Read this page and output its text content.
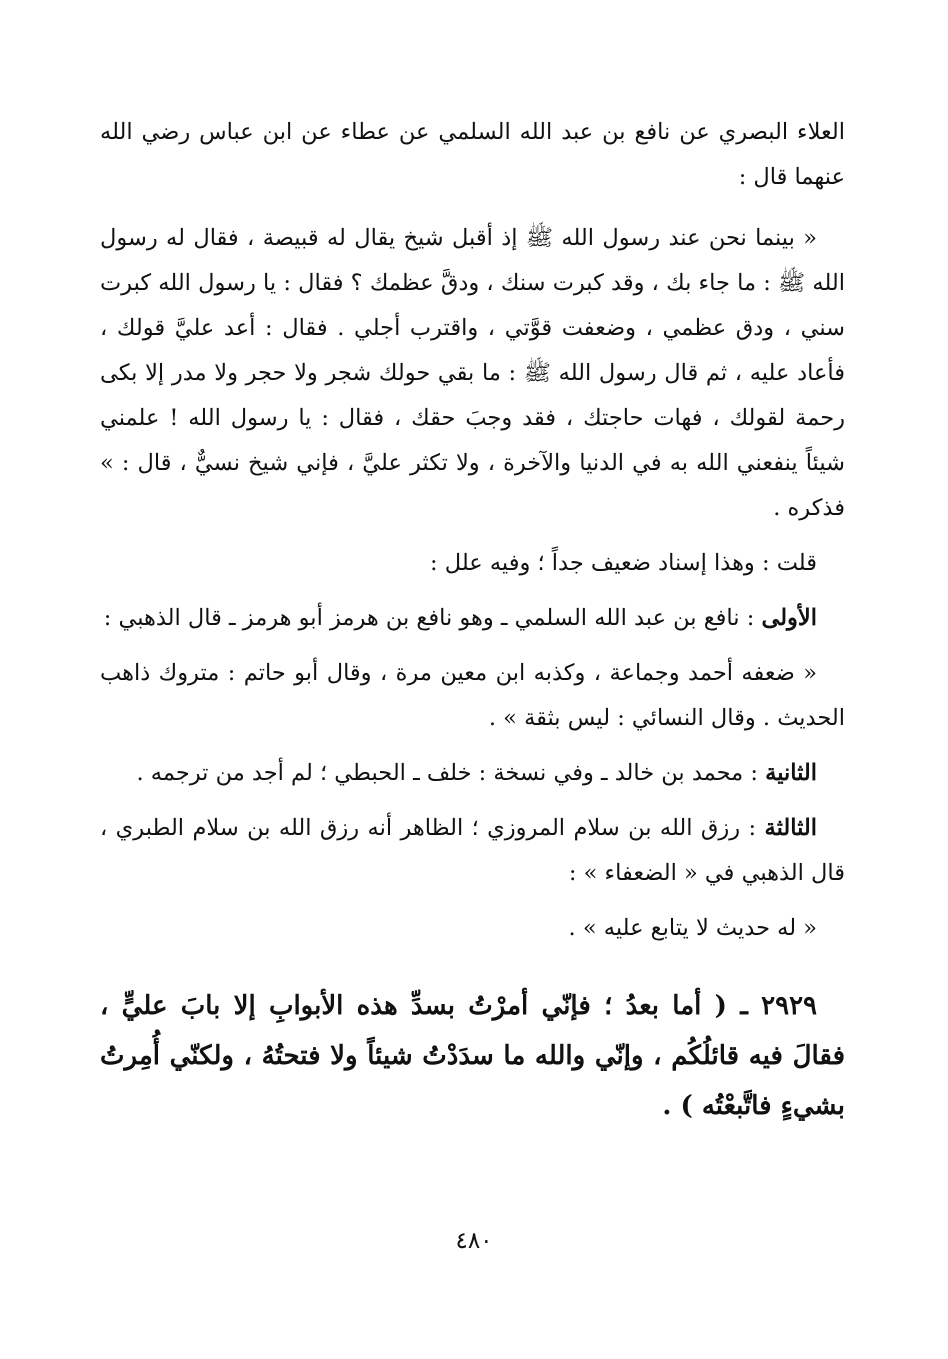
العلاء البصري عن نافع بن عبد الله السلمي عن عطاء عن ابن عباس رضي الله عنهما قال :

« بينما نحن عند رسول الله ﷺ إذ أقبل شيخ يقال له قبيصة ، فقال له رسول الله ﷺ : ما جاء بك ، وقد كبرت سنك ، ودقَّ عظمك ؟ فقال : يا رسول الله كبرت سني ، ودق عظمي ، وضعفت قوَّتي ، واقترب أجلي . فقال : أعد عليَّ قولك ، فأعاد عليه ، ثم قال رسول الله ﷺ : ما بقي حولك شجر ولا حجر ولا مدر إلا بكى رحمة لقولك ، فهات حاجتك ، فقد وجبَ حقك ، فقال : يا رسول الله ! علمني شيئاً ينفعني الله به في الدنيا والآخرة ، ولا تكثر عليَّ ، فإني شيخ نسيٌّ ، قال : » فذكره .

قلت : وهذا إسناد ضعيف جداً ؛ وفيه علل :

الأولى : نافع بن عبد الله السلمي ـ وهو نافع بن هرمز أبو هرمز ـ قال الذهبي :

« ضعفه أحمد وجماعة ، وكذبه ابن معين مرة ، وقال أبو حاتم : متروك ذاهب الحديث . وقال النسائي : ليس بثقة » .

الثانية : محمد بن خالد ـ وفي نسخة : خلف ـ الحبطي ؛ لم أجد من ترجمه .

الثالثة : رزق الله بن سلام المروزي ؛ الظاهر أنه رزق الله بن سلام الطبري ، قال الذهبي في « الضعفاء » :

« له حديث لا يتابع عليه » .

٢٩٢٩ ـ ( أما بعدُ ؛ فإنّي أمرْتُ بسدِّ هذه الأبوابِ إلا بابَ عليٍّ ، فقالَ فيه قائلُكُم ، وإنّي والله ما سدَدْتُ شيئاً ولا فتحتُهُ ، ولكنّي أُمِرتُ بشيءٍ فاتَّبعْتُه ) .

٤٨٠
